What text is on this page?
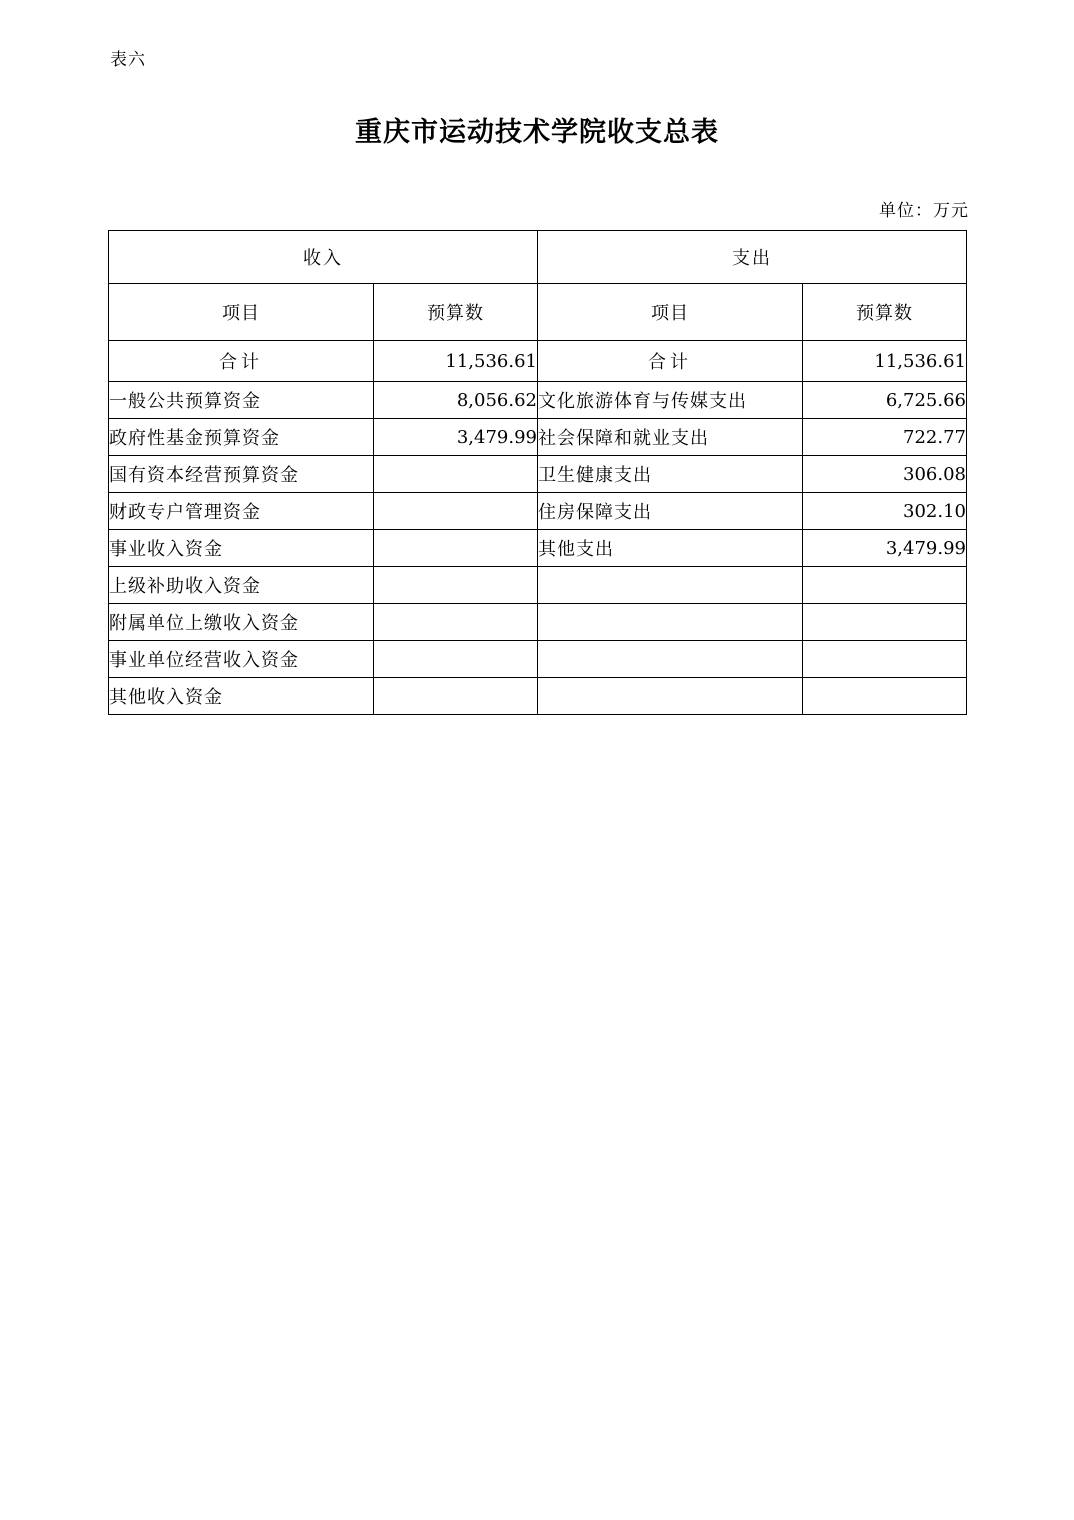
表六
重庆市运动技术学院收支总表
单位：万元
收入		支出	
项目	预算数	项目	预算数
合计	11,536.61	合计	11,536.61
一般公共预算资金	8,056.62	文化旅游体育与传媒支出	6,725.66
政府性基金预算资金	3,479.99	社会保障和就业支出	722.77
国有资本经营预算资金		卫生健康支出	306.08
财政专户管理资金		住房保障支出	302.10
事业收入资金		其他支出	3,479.99
上级补助收入资金			
附属单位上缴收入资金			
事业单位经营收入资金			
其他收入资金			
